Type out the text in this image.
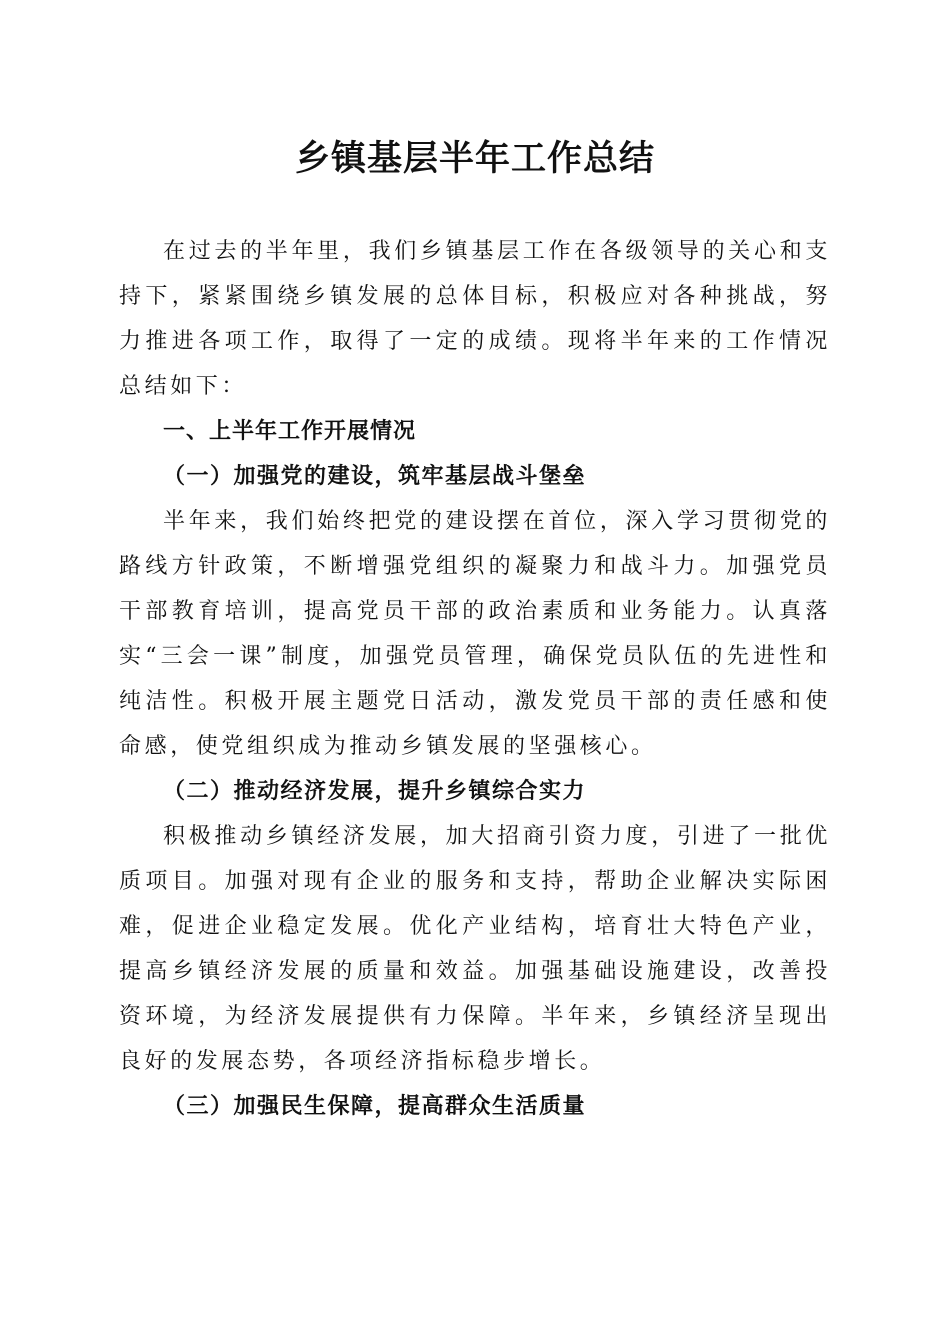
乡镇基层半年工作总结

在过去的半年里，我们乡镇基层工作在各级领导的关心和支持下，紧紧围绕乡镇发展的总体目标，积极应对各种挑战，努力推进各项工作，取得了一定的成绩。现将半年来的工作情况总结如下：

一、上半年工作开展情况
（一）加强党的建设，筑牢基层战斗堡垒

半年来，我们始终把党的建设摆在首位，深入学习贯彻党的路线方针政策，不断增强党组织的凝聚力和战斗力。加强党员干部教育培训，提高党员干部的政治素质和业务能力。认真落实“三会一课”制度，加强党员管理，确保党员队伍的先进性和纯洁性。积极开展主题党日活动，激发党员干部的责任感和使命感，使党组织成为推动乡镇发展的坚强核心。

（二）推动经济发展，提升乡镇综合实力

积极推动乡镇经济发展，加大招商引资力度，引进了一批优质项目。加强对现有企业的服务和支持，帮助企业解决实际困难，促进企业稳定发展。优化产业结构，培育壮大特色产业，提高乡镇经济发展的质量和效益。加强基础设施建设，改善投资环境，为经济发展提供有力保障。半年来，乡镇经济呈现出良好的发展态势，各项经济指标稳步增长。

（三）加强民生保障，提高群众生活质量
